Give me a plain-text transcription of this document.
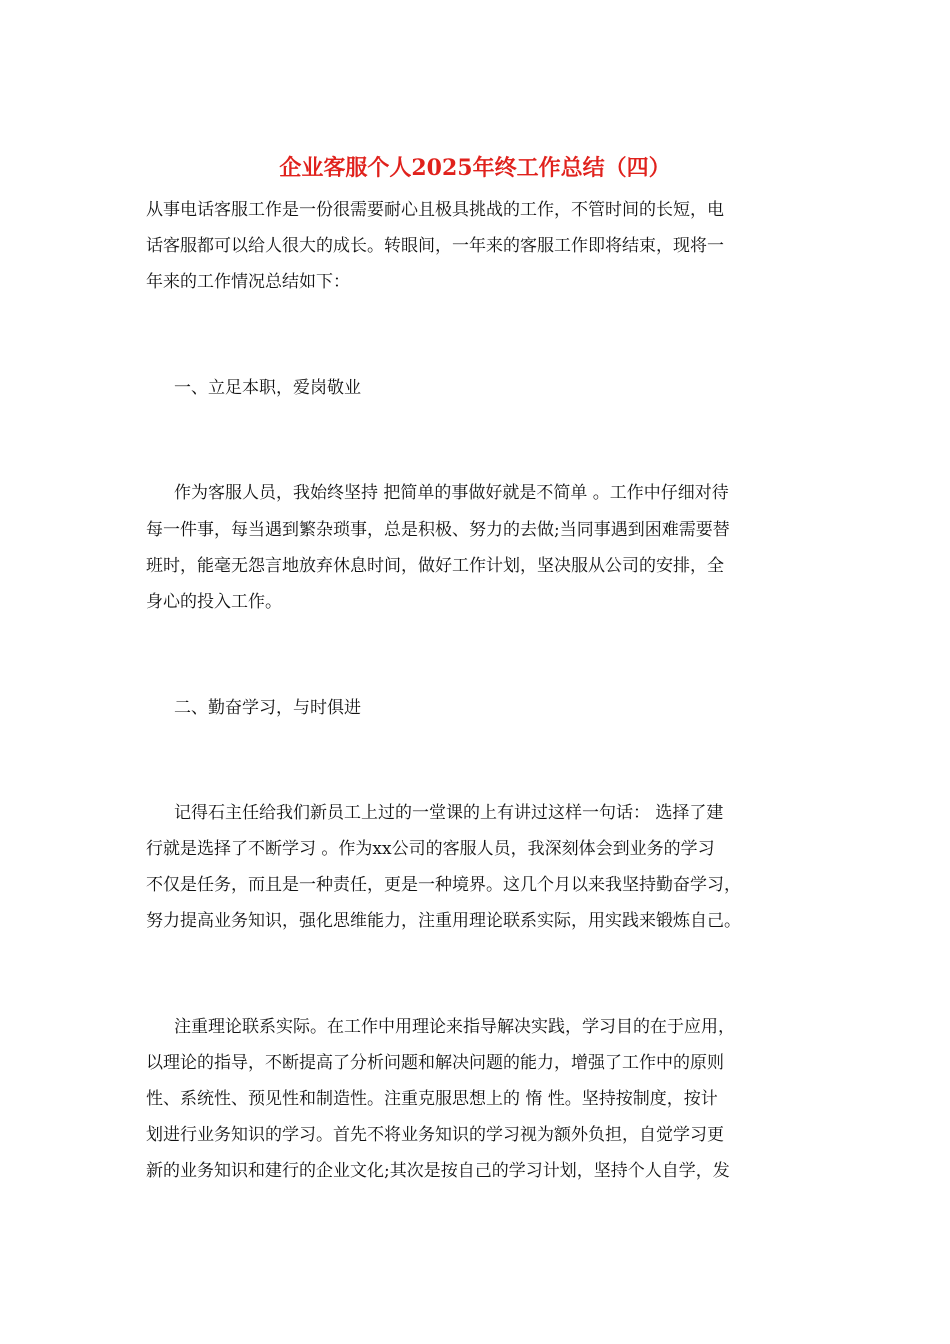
企业客服个人2025年终工作总结（四）
从事电话客服工作是一份很需要耐心且极具挑战的工作，不管时间的长短，电
话客服都可以给人很大的成长。转眼间，一年来的客服工作即将结束，现将一
年来的工作情况总结如下：
一、立足本职，爱岗敬业
作为客服人员，我始终坚持 把简单的事做好就是不简单 。工作中仔细对待
每一件事，每当遇到繁杂琐事，总是积极、努力的去做;当同事遇到困难需要替
班时，能毫无怨言地放弃休息时间，做好工作计划，坚决服从公司的安排，全
身心的投入工作。
二、勤奋学习，与时俱进
记得石主任给我们新员工上过的一堂课的上有讲过这样一句话： 选择了建
行就是选择了不断学习 。作为xx公司的客服人员，我深刻体会到业务的学习
不仅是任务，而且是一种责任，更是一种境界。这几个月以来我坚持勤奋学习，
努力提高业务知识，强化思维能力，注重用理论联系实际，用实践来锻炼自己。
注重理论联系实际。在工作中用理论来指导解决实践，学习目的在于应用，
以理论的指导，不断提高了分析问题和解决问题的能力，增强了工作中的原则
性、系统性、预见性和制造性。注重克服思想上的 惰 性。坚持按制度，按计
划进行业务知识的学习。首先不将业务知识的学习视为额外负担，自觉学习更
新的业务知识和建行的企业文化;其次是按自己的学习计划，坚持个人自学，发
